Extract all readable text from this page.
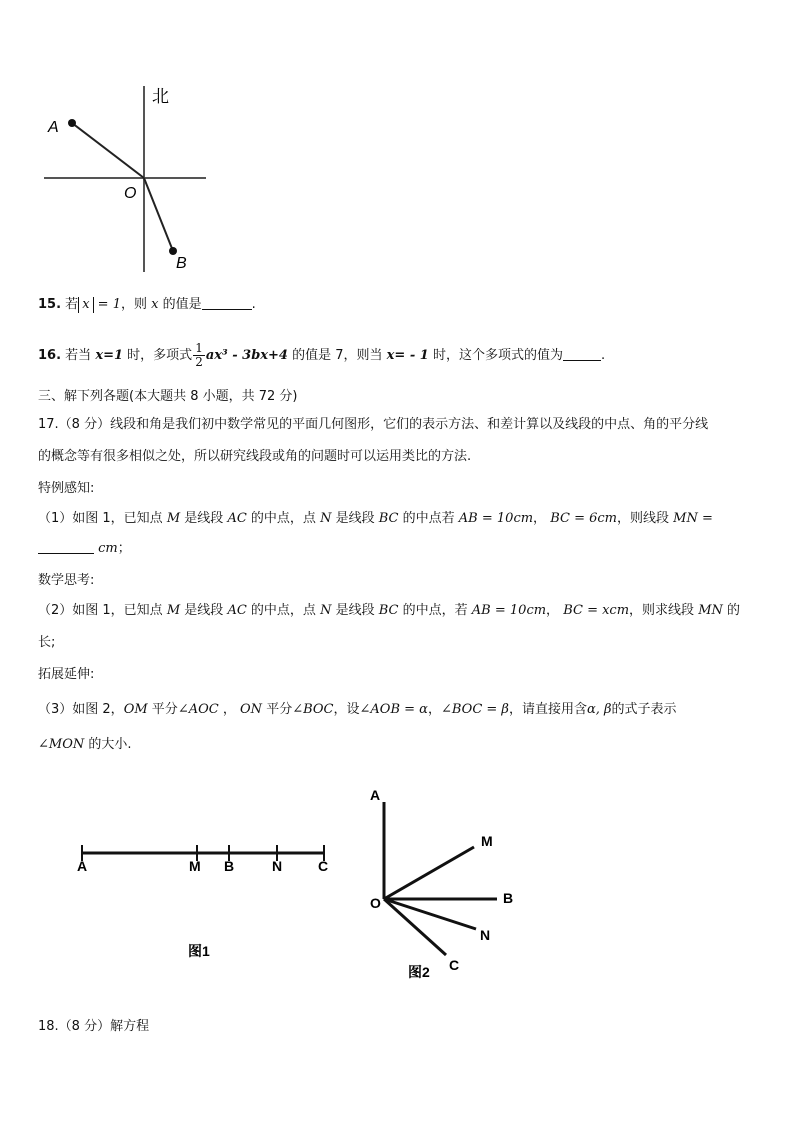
北
A
O
B
15. 若 x = 1，则 x 的值是	.
16. 若当 x=1 时，多项式 $\frac{1}{2} ax^3 - 3bx+4$ 的值是 7，则当 x= - 1 时，这个多项式的值为	.
三、解下列各题(本大题共 8 小题，共 72 分)
17.（8 分）线段和角是我们初中数学常见的平面几何图形，它们的表示方法、和差计算以及线段的中点、角的平分线
的概念等有很多相似之处，所以研究线段或角的问题时可以运用类比的方法.
特例感知:
（1）如图 1，已知点 M 是线段 AC 的中点，点 N 是线段 BC 的中点若 AB = 10cm， BC = 6cm，则线段 MN =
cm；
数学思考:
（2）如图 1，已知点 M 是线段 AC 的中点，点 N 是线段 BC 的中点，若 AB = 10cm， BC = xcm，则求线段 MN 的
长;
拓展延伸:
（3）如图 2，OM 平分∠AOC ， ON 平分∠BOC，设∠AOB = α，∠BOC = β，请直接用含α, β的式子表示
∠MON 的大小.
A	M B	N	C
图1
A
M
O	B
N
C
图2
18.（8 分）解方程
